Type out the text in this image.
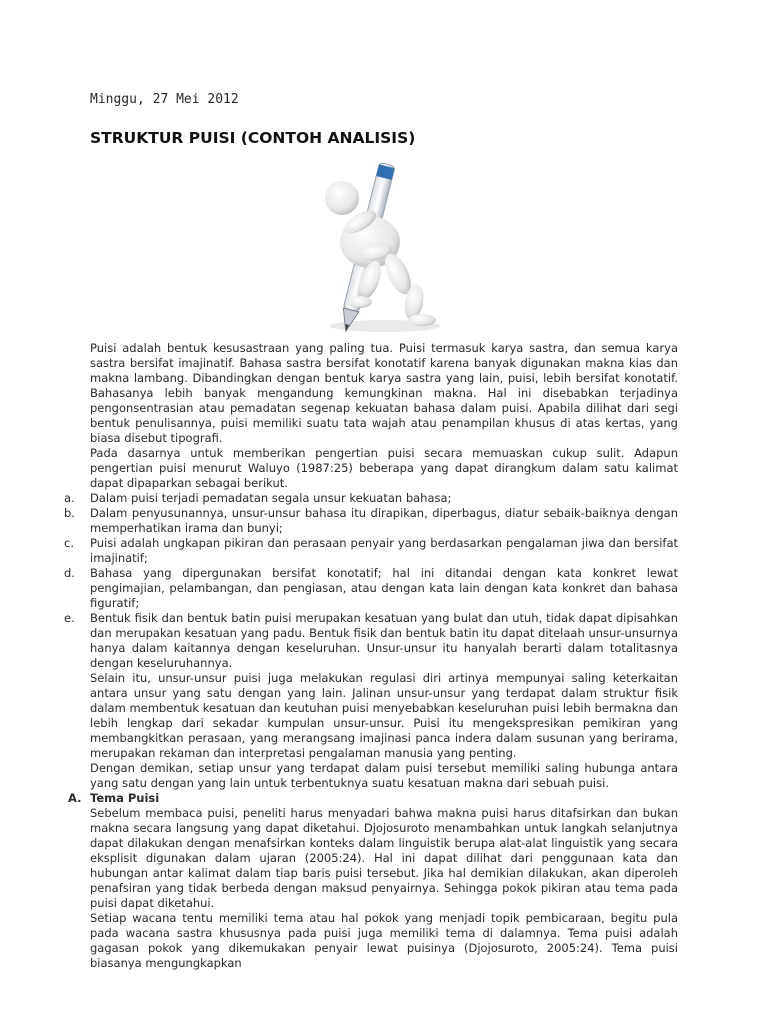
Minggu, 27 Mei 2012
STRUKTUR PUISI (CONTOH ANALISIS)

Puisi adalah bentuk kesusastraan yang paling tua. Puisi termasuk karya sastra, dan semua karya sastra bersifat imajinatif. Bahasa sastra bersifat konotatif karena banyak digunakan makna kias dan makna lambang. Dibandingkan dengan bentuk karya sastra yang lain, puisi, lebih bersifat konotatif. Bahasanya lebih banyak mengandung kemungkinan makna. Hal ini disebabkan terjadinya pengonsentrasian atau pemadatan segenap kekuatan bahasa dalam puisi. Apabila dilihat dari segi bentuk penulisannya, puisi memiliki suatu tata wajah atau penampilan khusus di atas kertas, yang biasa disebut tipografi.

Pada dasarnya untuk memberikan pengertian puisi secara memuaskan cukup sulit. Adapun pengertian puisi menurut Waluyo (1987:25) beberapa yang dapat dirangkum dalam satu kalimat dapat dipaparkan sebagai berikut.

a. Dalam puisi terjadi pemadatan segala unsur kekuatan bahasa;
b. Dalam penyusunannya, unsur-unsur bahasa itu dirapikan, diperbagus, diatur sebaik-baiknya dengan memperhatikan irama dan bunyi;
c. Puisi adalah ungkapan pikiran dan perasaan penyair yang berdasarkan pengalaman jiwa dan bersifat imajinatif;
d. Bahasa yang dipergunakan bersifat konotatif; hal ini ditandai dengan kata konkret lewat pengimajian, pelambangan, dan pengiasan, atau dengan kata lain dengan kata konkret dan bahasa figuratif;
e. Bentuk fisik dan bentuk batin puisi merupakan kesatuan yang bulat dan utuh, tidak dapat dipisahkan dan merupakan kesatuan yang padu. Bentuk fisik dan bentuk batin itu dapat ditelaah unsur-unsurnya hanya dalam kaitannya dengan keseluruhan. Unsur-unsur itu hanyalah berarti dalam totalitasnya dengan keseluruhannya.

Selain itu, unsur-unsur puisi juga melakukan regulasi diri artinya mempunyai saling keterkaitan antara unsur yang satu dengan yang lain. Jalinan unsur-unsur yang terdapat dalam struktur fisik dalam membentuk kesatuan dan keutuhan puisi menyebabkan keseluruhan puisi lebih bermakna dan lebih lengkap dari sekadar kumpulan unsur-unsur. Puisi itu mengekspresikan pemikiran yang membangkitkan perasaan, yang merangsang imajinasi panca indera dalam susunan yang berirama, merupakan rekaman dan interpretasi pengalaman manusia yang penting.

Dengan demikan, setiap unsur yang terdapat dalam puisi tersebut memiliki saling hubunga antara yang satu dengan yang lain untuk terbentuknya suatu kesatuan makna dari sebuah puisi.

A. Tema Puisi

Sebelum membaca puisi, peneliti harus menyadari bahwa makna puisi harus ditafsirkan dan bukan makna secara langsung yang dapat diketahui. Djojosuroto menambahkan untuk langkah selanjutnya dapat dilakukan dengan menafsirkan konteks dalam linguistik berupa alat-alat linguistik yang secara eksplisit digunakan dalam ujaran (2005:24). Hal ini dapat dilihat dari penggunaan kata dan hubungan antar kalimat dalam tiap baris puisi tersebut. Jika hal demikian dilakukan, akan diperoleh penafsiran yang tidak berbeda dengan maksud penyairnya. Sehingga pokok pikiran atau tema pada puisi dapat diketahui.

Setiap wacana tentu memiliki tema atau hal pokok yang menjadi topik pembicaraan, begitu pula pada wacana sastra khususnya pada puisi juga memiliki tema di dalamnya. Tema puisi adalah gagasan pokok yang dikemukakan penyair lewat puisinya (Djojosuroto, 2005:24). Tema puisi biasanya mengungkapkan
